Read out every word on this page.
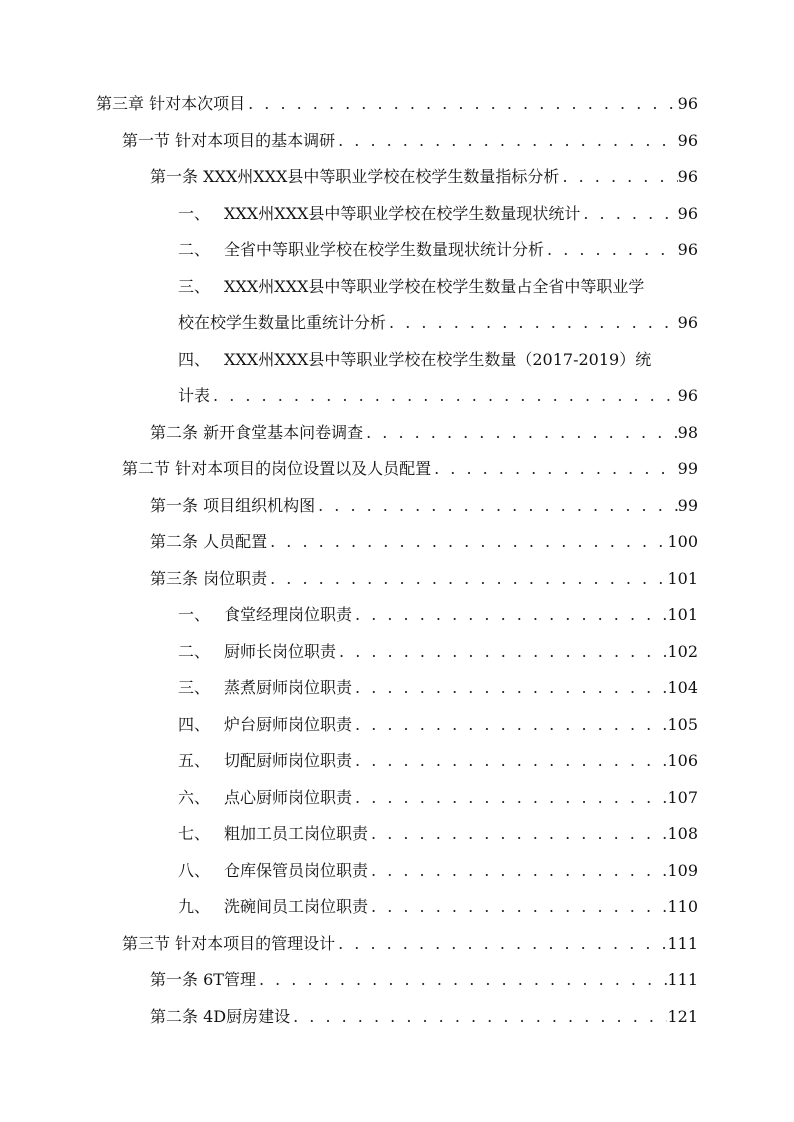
第三章 针对本次项目 . . .	96
第一节 针对本项目的基本调研 . . .	96
第一条 XXX州XXX县中等职业学校在校学生数量指标分析 . . .	96
一、 XXX州XXX县中等职业学校在校学生数量现状统计 . . .	96
二、 全省中等职业学校在校学生数量现状统计分析 . . .	96
三、 XXX州XXX县中等职业学校在校学生数量占全省中等职业学
校在校学生数量比重统计分析 . . .	96
四、 XXX州XXX县中等职业学校在校学生数量（2017-2019）统
计表 . . .	96
第二条 新开食堂基本问卷调查 . . .	98
第二节 针对本项目的岗位设置以及人员配置 . . .	99
第一条 项目组织机构图 . . .	99
第二条 人员配置 . . .	100
第三条 岗位职责 . . .	101
一、 食堂经理岗位职责 . . .	101
二、 厨师长岗位职责 . . .	102
三、 蒸煮厨师岗位职责 . . .	104
四、 炉台厨师岗位职责 . . .	105
五、 切配厨师岗位职责 . . .	106
六、 点心厨师岗位职责 . . .	107
七、 粗加工员工岗位职责 . . .	108
八、 仓库保管员岗位职责 . . .	109
九、 洗碗间员工岗位职责 . . .	110
第三节 针对本项目的管理设计 . . .	111
第一条 6T管理 . . .	111
第二条 4D厨房建设 . . .	121
